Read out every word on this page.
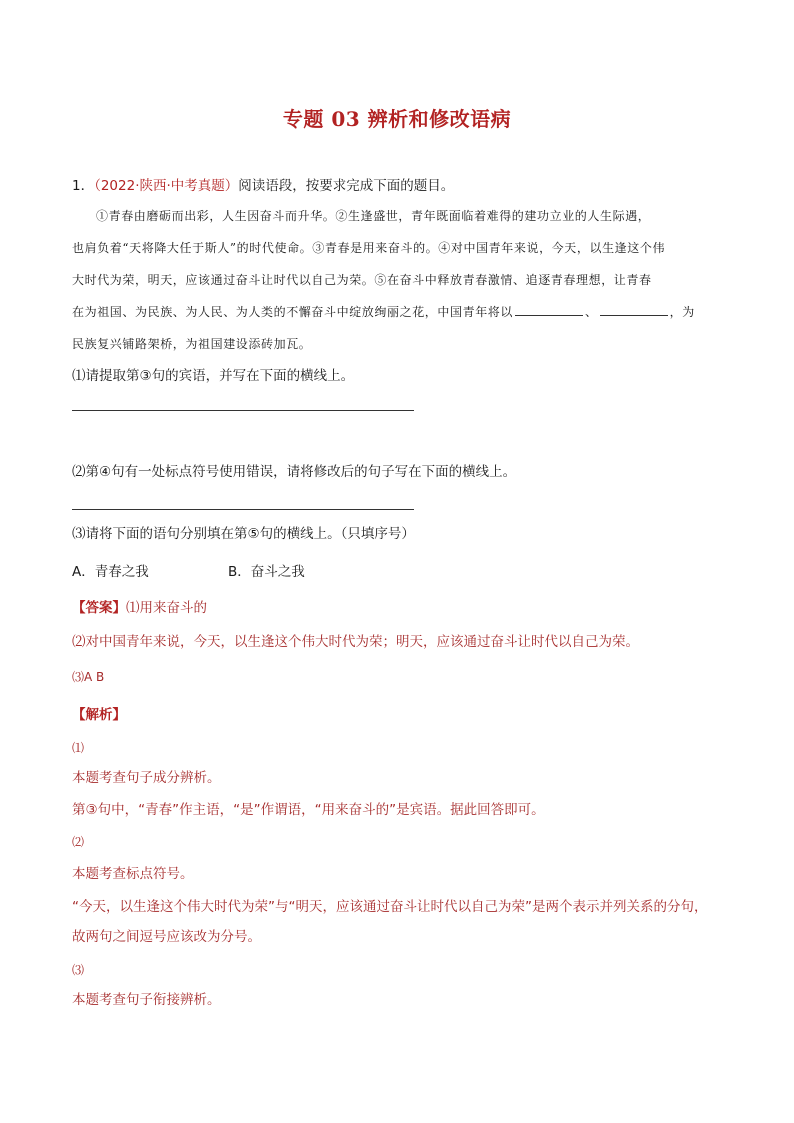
专题 03 辨析和修改语病
1．（2022·陕西·中考真题）阅读语段，按要求完成下面的题目。
①青春由磨砺而出彩，人生因奋斗而升华。②生逢盛世，青年既面临着难得的建功立业的人生际遇，
也肩负着“天将降大任于斯人”的时代使命。③青春是用来奋斗的。④对中国青年来说，今天，以生逢这个伟
大时代为荣，明天，应该通过奋斗让时代以自己为荣。⑤在奋斗中释放青春激情、追逐青春理想，让青春
在为祖国、为民族、为人民、为人类的不懈奋斗中绽放绚丽之花，中国青年将以	、	，为
民族复兴铺路架桥，为祖国建设添砖加瓦。
⑴请提取第③句的宾语，并写在下面的横线上。
⑵第④句有一处标点符号使用错误，请将修改后的句子写在下面的横线上。
⑶请将下面的语句分别填在第⑤句的横线上。（只填序号）
A．青春之我	B．奋斗之我
【答案】⑴用来奋斗的
⑵对中国青年来说，今天，以生逢这个伟大时代为荣；明天，应该通过奋斗让时代以自己为荣。
⑶A B
【解析】
⑴
本题考查句子成分辨析。
第③句中，“青春”作主语，“是”作谓语，“用来奋斗的”是宾语。据此回答即可。
⑵
本题考查标点符号。
“今天，以生逢这个伟大时代为荣”与“明天，应该通过奋斗让时代以自己为荣”是两个表示并列关系的分句，
故两句之间逗号应该改为分号。
⑶
本题考查句子衔接辨析。
